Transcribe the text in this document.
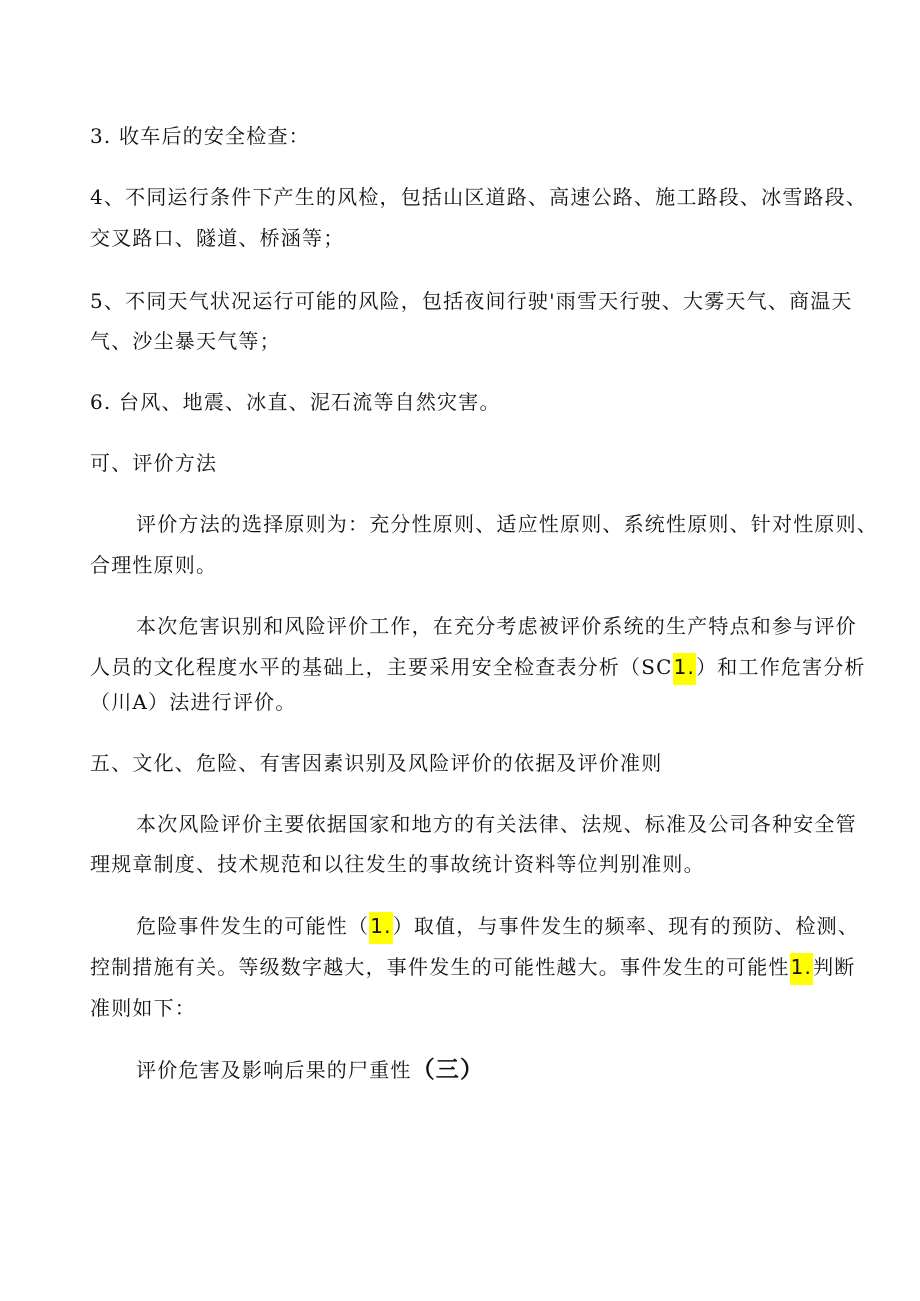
3. 收车后的安全检查：
4、不同运行条件下产生的风检，包括山区道路、高速公路、施工路段、冰雪路段、
交叉路口、隧道、桥涵等；
5、不同天气状况运行可能的风险，包括夜间行驶'雨雪天行驶、大雾天气、商温天
气、沙尘暴天气等；
6. 台风、地震、冰直、泥石流等自然灾害。
可、评价方法
评价方法的选择原则为：充分性原则、适应性原则、系统性原则、针对性原则、
合理性原则。
本次危害识别和风险评价工作，在充分考虑被评价系统的生产特点和参与评价
人员的文化程度水平的基础上，主要采用安全检查表分析（SC1.）和工作危害分析
（川A）法进行评价。
五、文化、危险、有害因素识别及风险评价的依据及评价准则
本次风险评价主要依据国家和地方的有关法律、法规、标准及公司各种安全管
理规章制度、技术规范和以往发生的事故统计资料等位判别准则。
危险事件发生的可能性（1.）取值，与事件发生的频率、现有的预防、检测、
控制措施有关。等级数字越大，事件发生的可能性越大。事件发生的可能性1.判断
准则如下：
评价危害及影响后果的尸重性（三）
